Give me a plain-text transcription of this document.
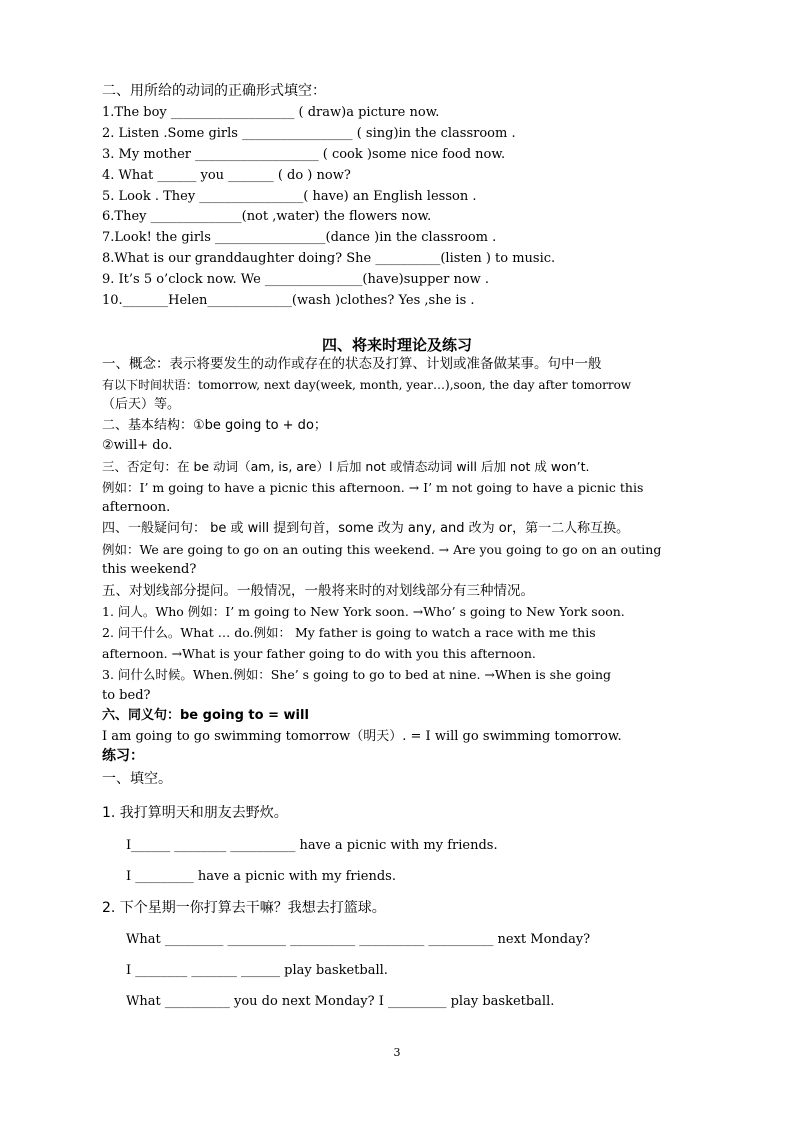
二、用所给的动词的正确形式填空：
1.The boy ___________________ ( draw)a picture now.
2. Listen .Some girls _________________ ( sing)in the classroom .
3. My mother ___________________ ( cook )some nice food now.
4. What ______ you _______ ( do ) now?
5. Look . They ________________( have) an English lesson .
6.They ______________(not ,water) the flowers now.
7.Look! the girls _________________(dance )in the classroom .
8.What is our granddaughter doing? She __________(listen ) to music.
9. It’s 5 o’clock now. We _______________(have)supper now .
10._______Helen_____________(wash )clothes? Yes ,she is .
四、将来时理论及练习
一、概念：表示将要发生的动作或存在的状态及打算、计划或准备做某事。句中一般
有以下时间状语：tomorrow, next day(week, month, year…),soon, the day after tomorrow
（后天）等。
二、基本结构：①be going to + do；
②will+ do.
三、否定句：在 be 动词（am, is, are）l 后加 not 或情态动词 will 后加 not 成 won’t.
例如：I’ m going to have a picnic this afternoon. → I’ m not going to have a picnic this
afternoon.
四、一般疑问句： be 或 will 提到句首，some 改为 any, and 改为 or，第一二人称互换。
例如：We are going to go on an outing this weekend. → Are you going to go on an outing
this weekend?
五、对划线部分提问。一般情况，一般将来时的对划线部分有三种情况。
1. 问人。Who 例如：I’ m going to New York soon. →Who’ s going to New York soon.
2. 问干什么。What … do.例如： My father is going to watch a race with me this
afternoon. →What is your father going to do with you this afternoon.
3. 问什么时候。When.例如：She’ s going to go to bed at nine. →When is she going
to bed?
六、同义句：be going to = will
I am going to go swimming tomorrow（明天）. = I will go swimming tomorrow.
练习：
一、填空。
1. 我打算明天和朋友去野炊。
I______ ________ __________ have a picnic with my friends.
I _________ have a picnic with my friends.
2. 下个星期一你打算去干嘛？我想去打篮球。
What _________ _________ __________ __________ __________ next Monday?
I ________ _______ ______ play basketball.
What __________ you do next Monday? I _________ play basketball.
3
